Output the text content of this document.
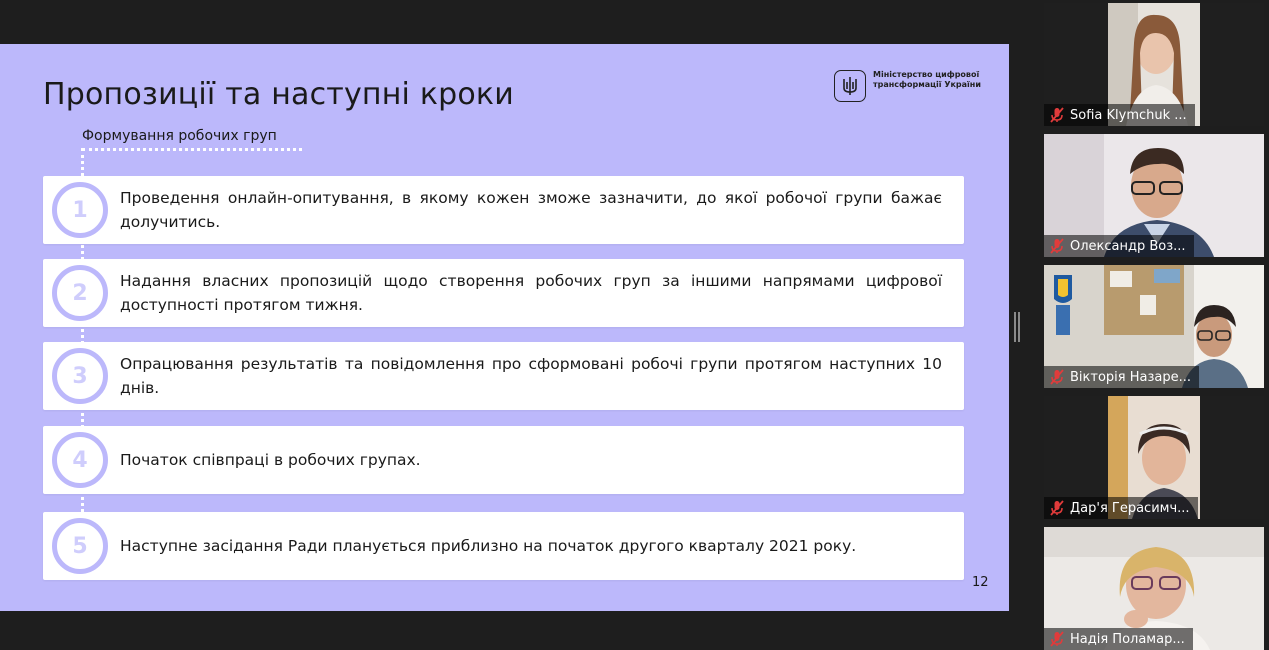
Пропозиції та наступні кроки
Міністерство цифрової трансформації України
Формування робочих груп
1	Проведення онлайн-опитування, в якому кожен зможе зазначити, до якої робочої групи бажає долучитись.
2	Надання власних пропозицій щодо створення робочих груп за іншими напрямами цифрової доступності протягом тижня.
3	Опрацювання результатів та повідомлення про сформовані робочі групи протягом наступних 10 днів.
4	Початок співпраці в робочих групах.
5	Наступне засідання Ради планується приблизно на початок другого кварталу 2021 року.
12
Sofia Klymchuk ...
Олександр Воз...
Вікторія Назаре...
Дар'я Герасимч...
Надія Поламар...
